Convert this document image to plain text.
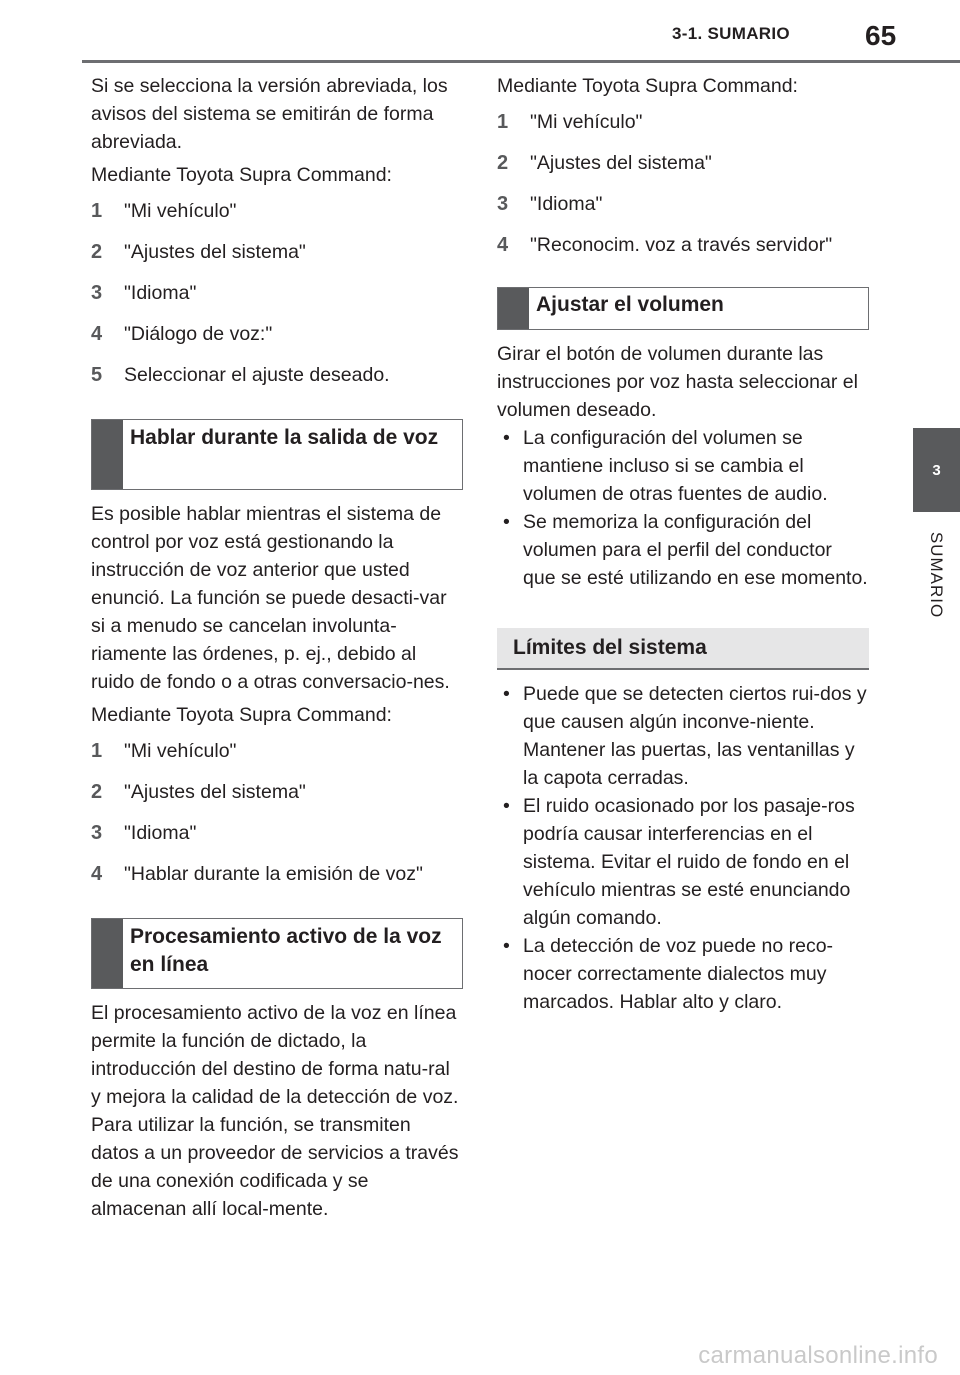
3-1. SUMARIO	65
3
SUMARIO

Si se selecciona la versión abreviada, los avisos del sistema se emitirán de forma abreviada.

Mediante Toyota Supra Command:

1	"Mi vehículo"
2	"Ajustes del sistema"
3	"Idioma"
4	"Diálogo de voz:"
5	Seleccionar el ajuste deseado.
Hablar durante la salida de voz

Es posible hablar mientras el sistema de control por voz está gestionando la instrucción de voz anterior que usted enunció. La función se puede desacti-var si a menudo se cancelan involunta-riamente las órdenes, p. ej., debido al ruido de fondo o a otras conversacio-nes.

Mediante Toyota Supra Command:

1	"Mi vehículo"
2	"Ajustes del sistema"
3	"Idioma"
4	"Hablar durante la emisión de voz"
Procesamiento activo de la voz en línea

El procesamiento activo de la voz en línea permite la función de dictado, la introducción del destino de forma natu-ral y mejora la calidad de la detección de voz. Para utilizar la función, se transmiten datos a un proveedor de servicios a través de una conexión codificada y se almacenan allí local-mente.

Mediante Toyota Supra Command:

1	"Mi vehículo"
2	"Ajustes del sistema"
3	"Idioma"
4	"Reconocim. voz a través servidor"
Ajustar el volumen

Girar el botón de volumen durante las instrucciones por voz hasta seleccionar el volumen deseado.

• La configuración del volumen se mantiene incluso si se cambia el volumen de otras fuentes de audio.
• Se memoriza la configuración del volumen para el perfil del conductor que se esté utilizando en ese momento.
Límites del sistema
• Puede que se detecten ciertos rui-dos y que causen algún inconve-niente. Mantener las puertas, las ventanillas y la capota cerradas.
• El ruido ocasionado por los pasaje-ros podría causar interferencias en el sistema. Evitar el ruido de fondo en el vehículo mientras se esté enunciando algún comando.
• La detección de voz puede no reco-nocer correctamente dialectos muy marcados. Hablar alto y claro.
carmanualsonline.info
